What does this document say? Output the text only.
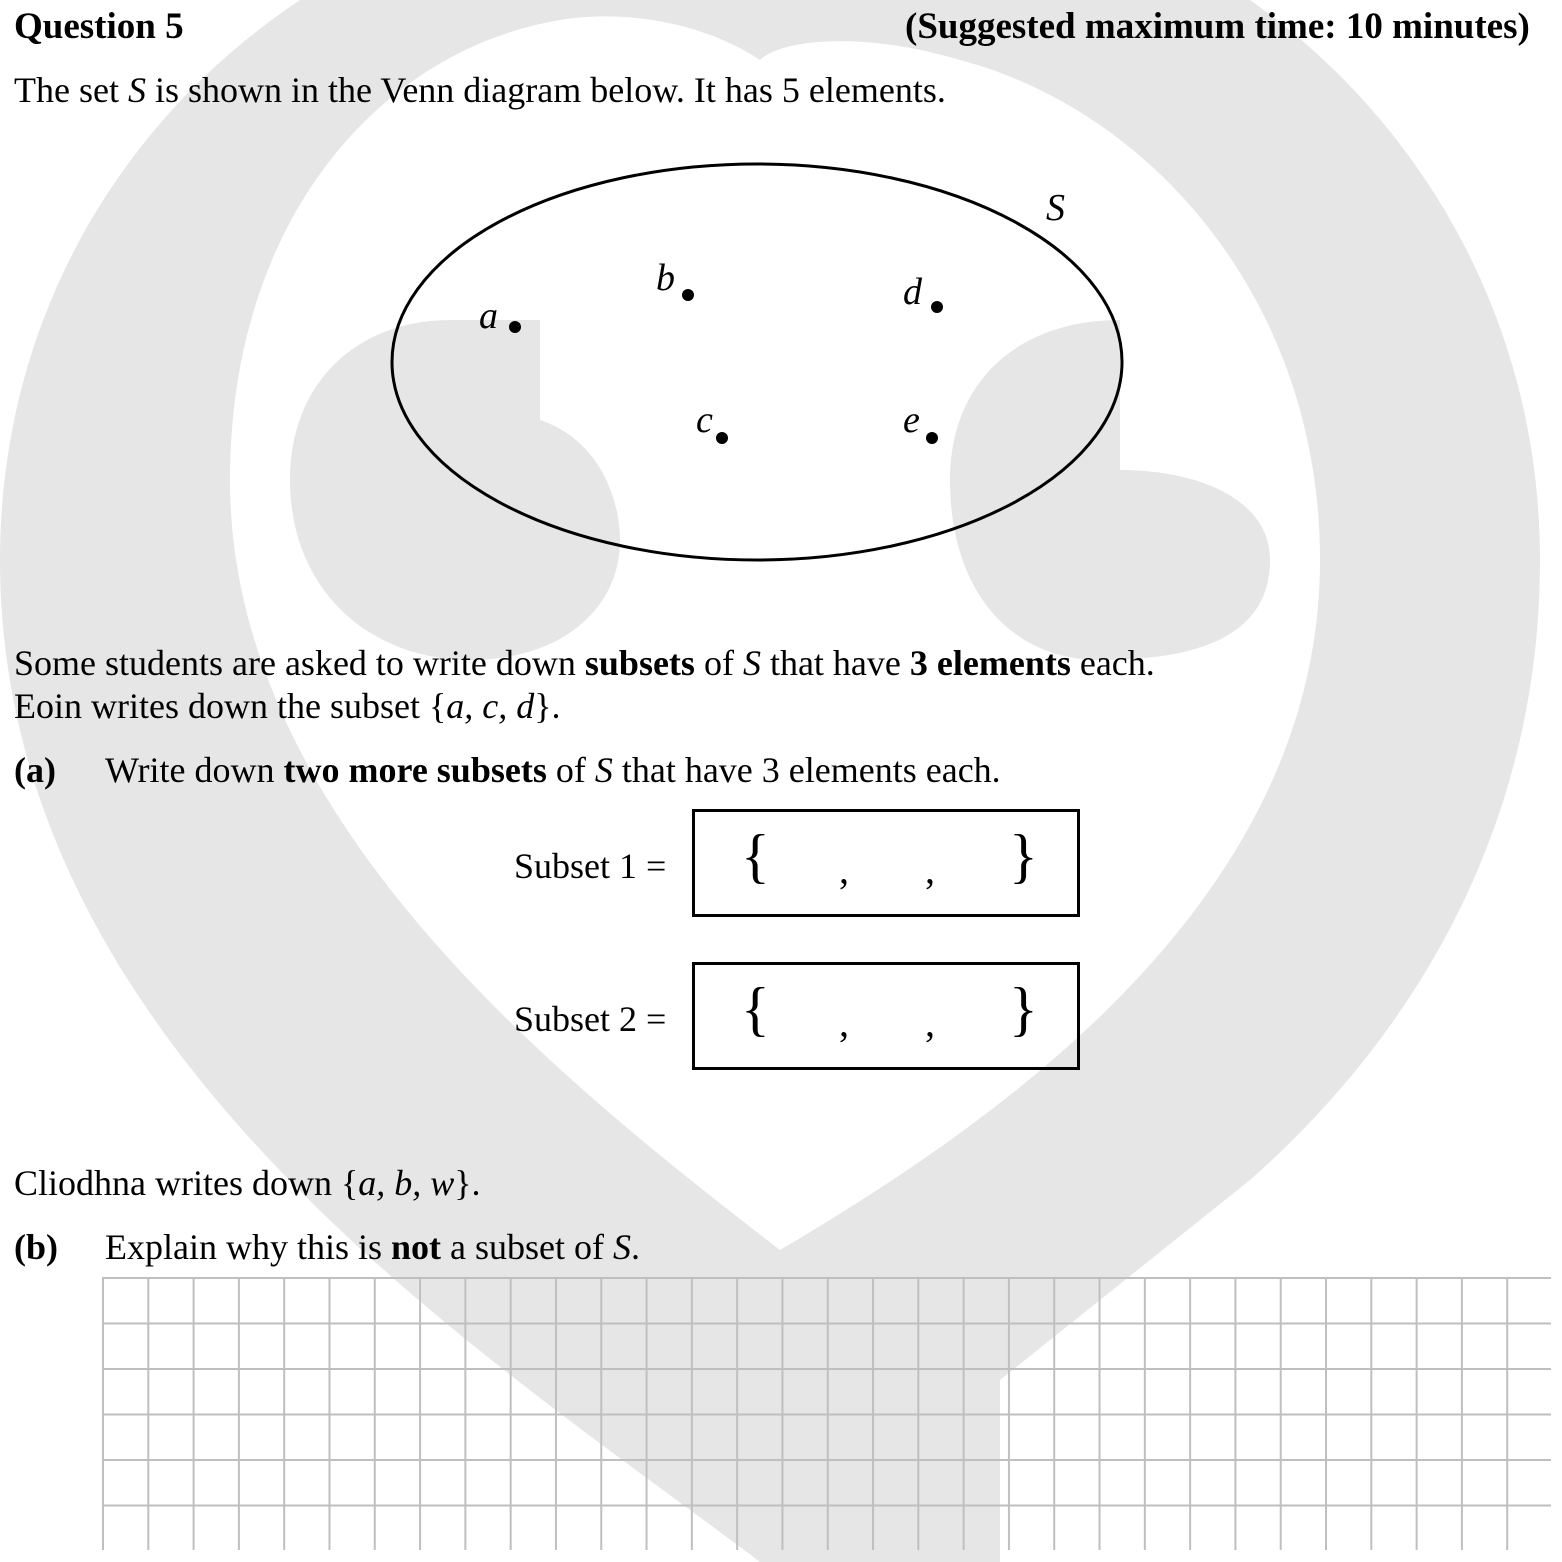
Question 5	(Suggested maximum time: 10 minutes)
The set S is shown in the Venn diagram below. It has 5 elements.
S
a
b
c
d
e
Some students are asked to write down subsets of S that have 3 elements each.
Eoin writes down the subset {a, c, d}.
(a) Write down two more subsets of S that have 3 elements each.
Subset 1 = { , , }
Subset 2 = { , , }
Cliodhna writes down {a, b, w}.
(b) Explain why this is not a subset of S.
